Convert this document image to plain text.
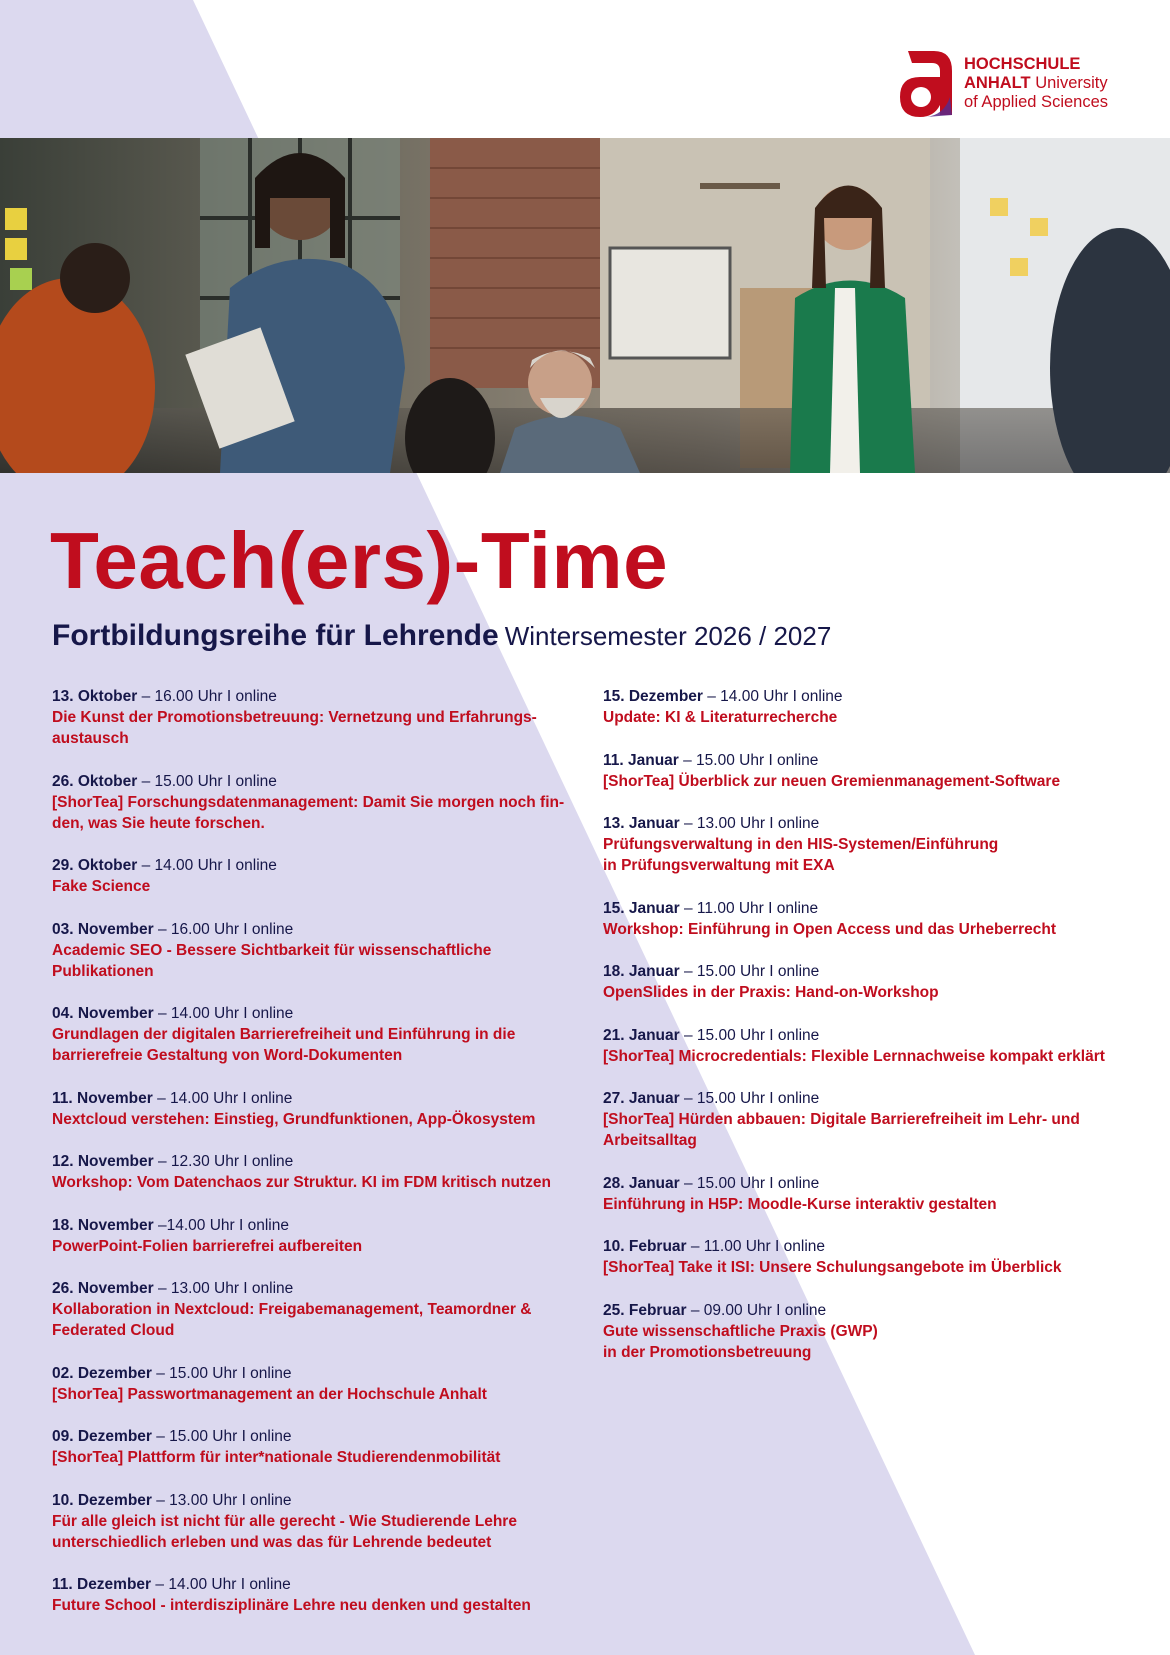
HOCHSCHULE
ANHALT University
of Applied Sciences
Teach(ers)-Time
Fortbildungsreihe für Lehrende Wintersemester 2026 / 2027
13. Oktober – 16.00 Uhr I online
Die Kunst der Promotionsbetreuung: Vernetzung und Erfahrungs-
austausch
26. Oktober – 15.00 Uhr I online
[ShorTea] Forschungsdatenmanagement: Damit Sie morgen noch fin-
den, was Sie heute forschen.
29. Oktober – 14.00 Uhr I online
Fake Science
03. November – 16.00 Uhr I online
Academic SEO - Bessere Sichtbarkeit für wissenschaftliche
Publikationen
04. November – 14.00 Uhr I online
Grundlagen der digitalen Barrierefreiheit und Einführung in die
barrierefreie Gestaltung von Word-Dokumenten
11. November – 14.00 Uhr I online
Nextcloud verstehen: Einstieg, Grundfunktionen, App-Ökosystem
12. November – 12.30 Uhr I online
Workshop: Vom Datenchaos zur Struktur. KI im FDM kritisch nutzen
18. November –14.00 Uhr I online
PowerPoint-Folien barrierefrei aufbereiten
26. November – 13.00 Uhr I online
Kollaboration in Nextcloud: Freigabemanagement, Teamordner &
Federated Cloud
02. Dezember – 15.00 Uhr I online
[ShorTea] Passwortmanagement an der Hochschule Anhalt
09. Dezember – 15.00 Uhr I online
[ShorTea] Plattform für inter*nationale Studierendenmobilität
10. Dezember – 13.00 Uhr I online
Für alle gleich ist nicht für alle gerecht - Wie Studierende Lehre
unterschiedlich erleben und was das für Lehrende bedeutet
11. Dezember – 14.00 Uhr I online
Future School - interdisziplinäre Lehre neu denken und gestalten
15. Dezember – 14.00 Uhr I online
Update: KI & Literaturrecherche
11. Januar – 15.00 Uhr I online
[ShorTea] Überblick zur neuen Gremienmanagement-Software
13. Januar – 13.00 Uhr I online
Prüfungsverwaltung in den HIS-Systemen/Einführung
in Prüfungsverwaltung mit EXA
15. Januar – 11.00 Uhr I online
Workshop: Einführung in Open Access und das Urheberrecht
18. Januar – 15.00 Uhr I online
OpenSlides in der Praxis: Hand-on-Workshop
21. Januar – 15.00 Uhr I online
[ShorTea] Microcredentials: Flexible Lernnachweise kompakt erklärt
27. Januar – 15.00 Uhr I online
[ShorTea] Hürden abbauen: Digitale Barrierefreiheit im Lehr- und
Arbeitsalltag
28. Januar – 15.00 Uhr I online
Einführung in H5P: Moodle-Kurse interaktiv gestalten
10. Februar – 11.00 Uhr I online
[ShorTea] Take it ISI: Unsere Schulungsangebote im Überblick
25. Februar – 09.00 Uhr I online
Gute wissenschaftliche Praxis (GWP)
in der Promotionsbetreuung
